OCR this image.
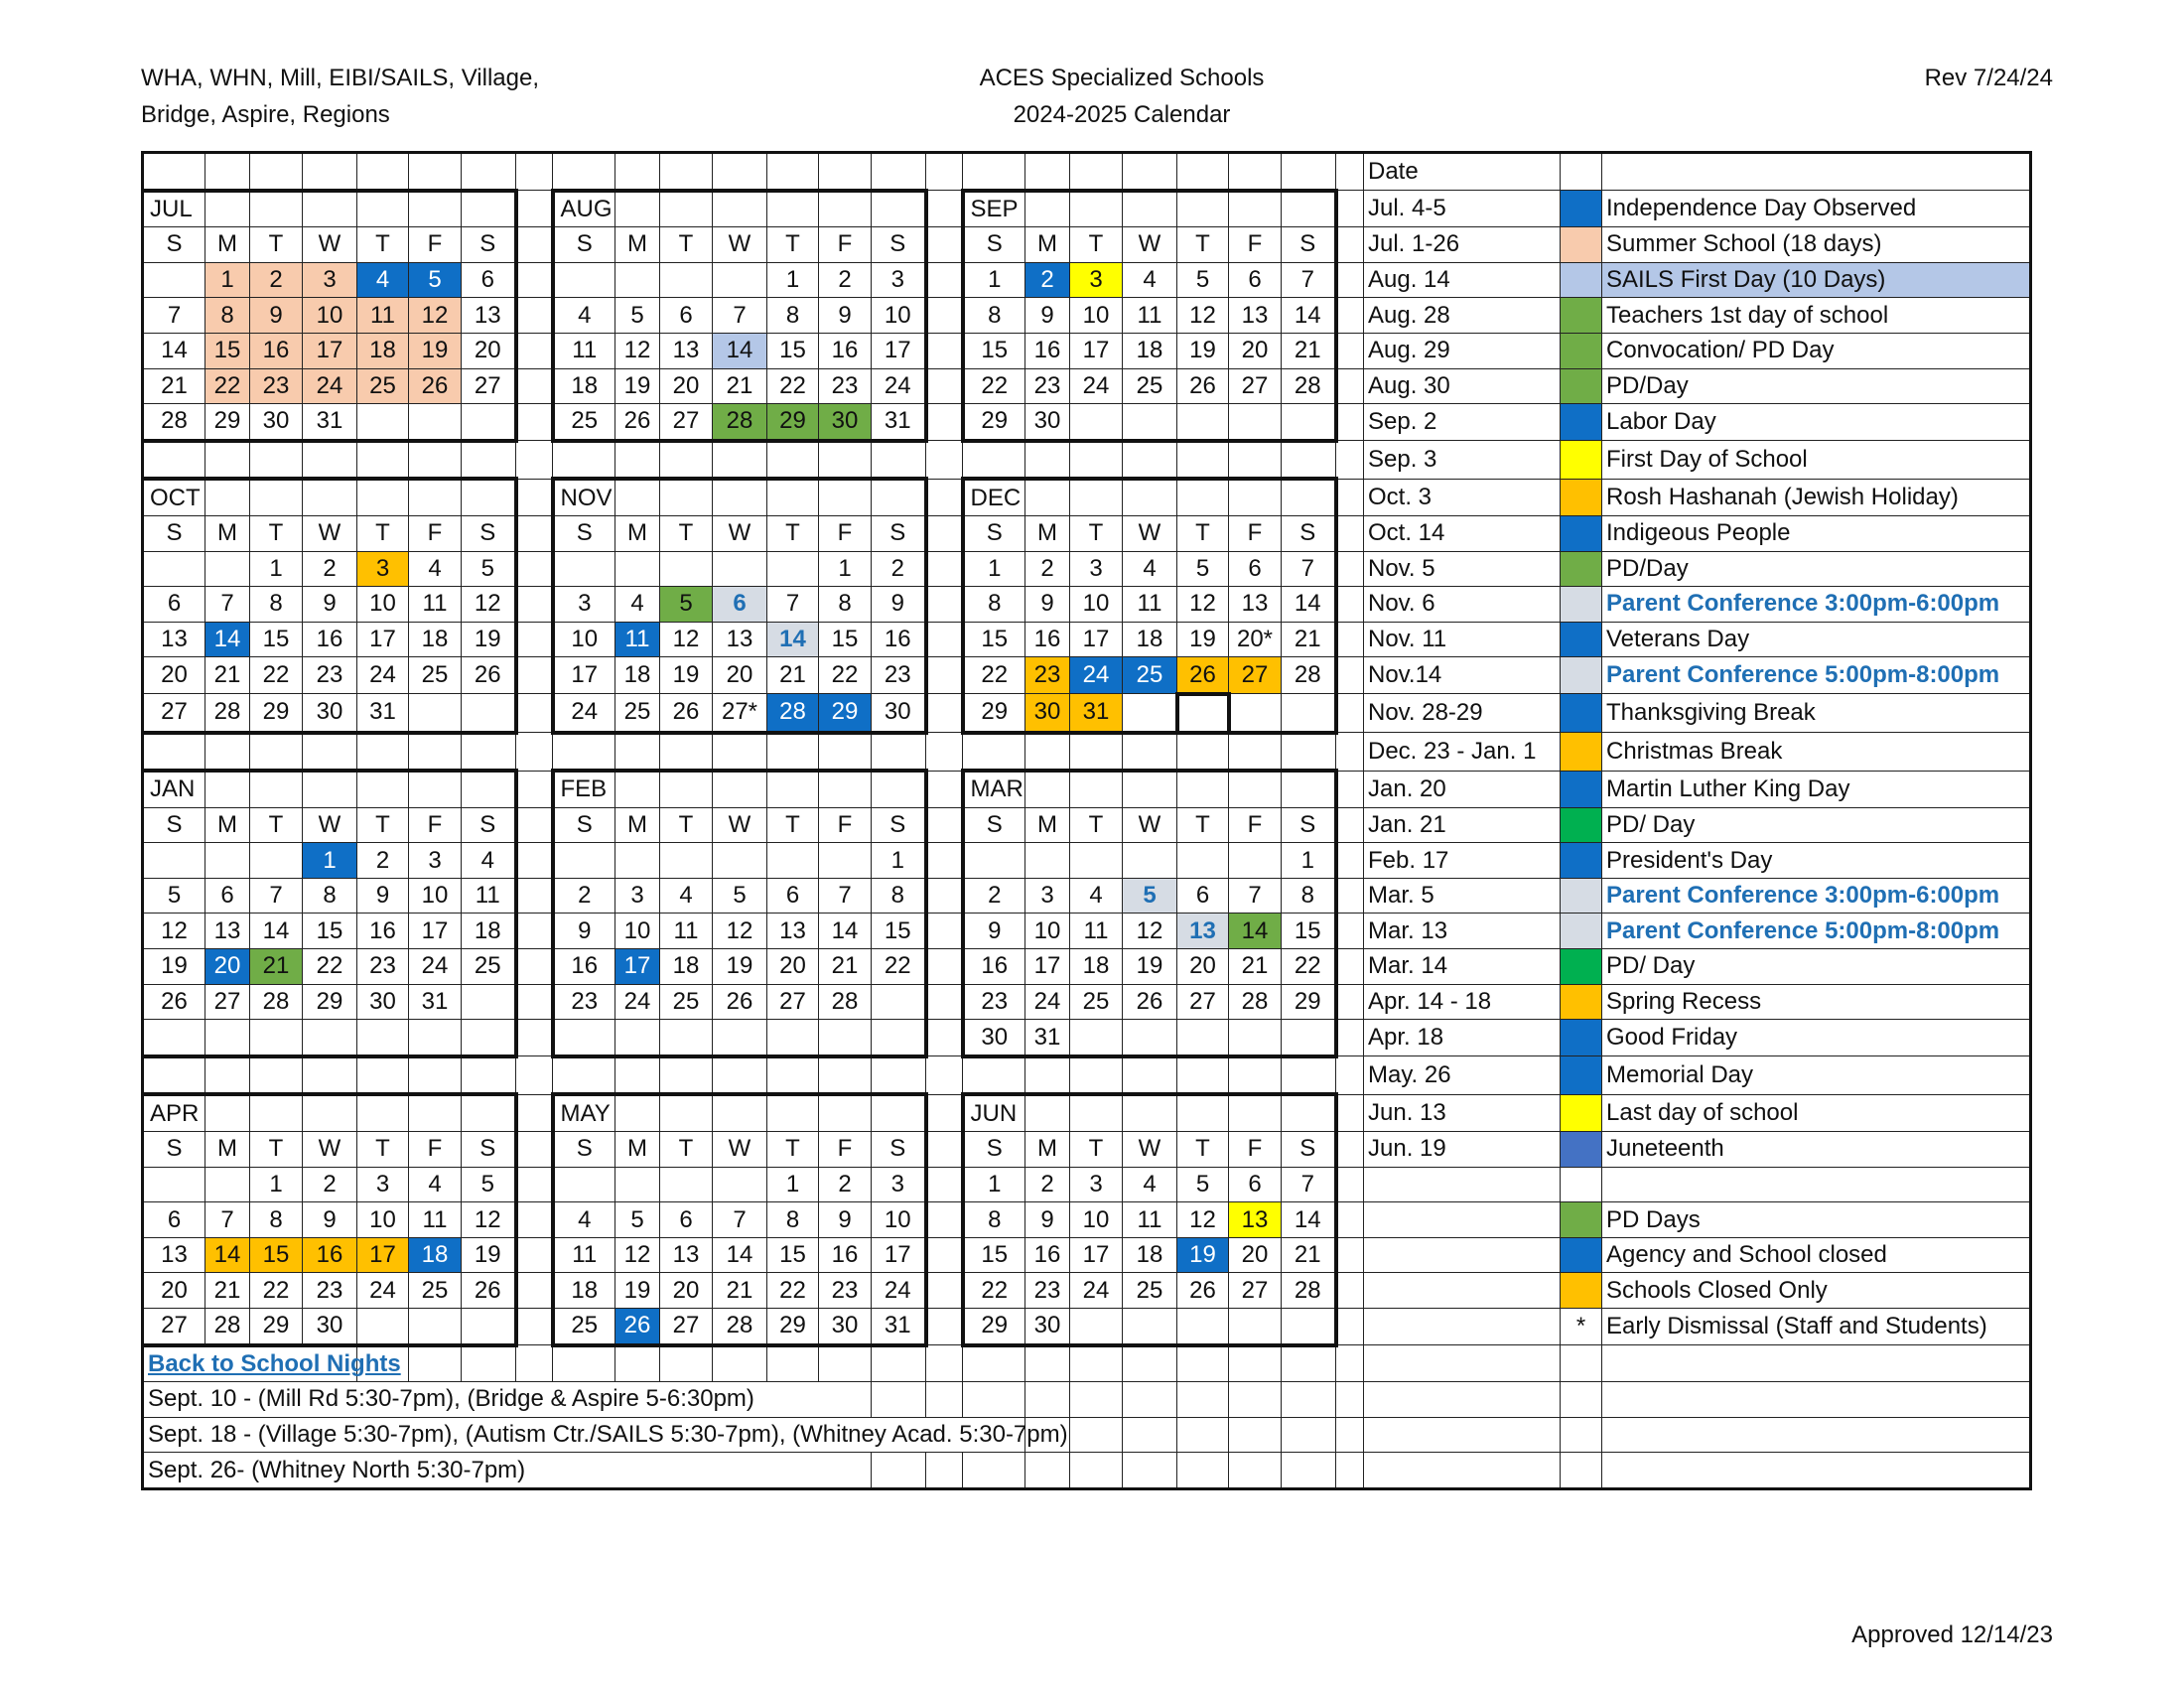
WHA, WHN, Mill, EIBI/SAILS, Village,
Bridge, Aspire, Regions
ACES Specialized Schools
2024-2025 Calendar
Rev 7/24/24
Approved 12/14/23
																								Date		
JUL								AUG								SEP								Jul. 4-5		Independence Day Observed
S	M	T	W	T	F	S		S	M	T	W	T	F	S		S	M	T	W	T	F	S		Jul. 1-26		Summer School (18 days)
	1	2	3	4	5	6						1	2	3		1	2	3	4	5	6	7		Aug. 14		SAILS First Day (10 Days)
7	8	9	10	11	12	13		4	5	6	7	8	9	10		8	9	10	11	12	13	14		Aug. 28		Teachers 1st day of school
14	15	16	17	18	19	20		11	12	13	14	15	16	17		15	16	17	18	19	20	21		Aug. 29		Convocation/ PD Day
21	22	23	24	25	26	27		18	19	20	21	22	23	24		22	23	24	25	26	27	28		Aug. 30		PD/Day
28	29	30	31					25	26	27	28	29	30	31		29	30							Sep. 2		Labor Day
																								Sep. 3		First Day of School
OCT								NOV								DEC								Oct. 3		Rosh Hashanah (Jewish Holiday)
S	M	T	W	T	F	S		S	M	T	W	T	F	S		S	M	T	W	T	F	S		Oct. 14		Indigeous People
		1	2	3	4	5							1	2		1	2	3	4	5	6	7		Nov. 5		PD/Day
6	7	8	9	10	11	12		3	4	5	6	7	8	9		8	9	10	11	12	13	14		Nov. 6		Parent Conference 3:00pm-6:00pm
13	14	15	16	17	18	19		10	11	12	13	14	15	16		15	16	17	18	19	20*	21		Nov. 11		Veterans Day
20	21	22	23	24	25	26		17	18	19	20	21	22	23		22	23	24	25	26	27	28		Nov.14		Parent Conference 5:00pm-8:00pm
27	28	29	30	31				24	25	26	27*	28	29	30		29	30	31						Nov. 28-29		Thanksgiving Break
																								Dec. 23 - Jan. 1		Christmas Break
JAN								FEB								MAR								Jan. 20		Martin Luther King Day
S	M	T	W	T	F	S		S	M	T	W	T	F	S		S	M	T	W	T	F	S		Jan. 21		PD/ Day
			1	2	3	4								1								1		Feb. 17		President's Day
5	6	7	8	9	10	11		2	3	4	5	6	7	8		2	3	4	5	6	7	8		Mar. 5		Parent Conference 3:00pm-6:00pm
12	13	14	15	16	17	18		9	10	11	12	13	14	15		9	10	11	12	13	14	15		Mar. 13		Parent Conference 5:00pm-8:00pm
19	20	21	22	23	24	25		16	17	18	19	20	21	22		16	17	18	19	20	21	22		Mar. 14		PD/ Day
26	27	28	29	30	31			23	24	25	26	27	28			23	24	25	26	27	28	29		Apr. 14 - 18		Spring Recess
																30	31							Apr. 18		Good Friday
																								May. 26		Memorial Day
APR								MAY								JUN								Jun. 13		Last day of school
S	M	T	W	T	F	S		S	M	T	W	T	F	S		S	M	T	W	T	F	S		Jun. 19		Juneteenth
		1	2	3	4	5						1	2	3		1	2	3	4	5	6	7				
6	7	8	9	10	11	12		4	5	6	7	8	9	10		8	9	10	11	12	13	14				PD Days
13	14	15	16	17	18	19		11	12	13	14	15	16	17		15	16	17	18	19	20	21				Agency and School closed
20	21	22	23	24	25	26		18	19	20	21	22	23	24		22	23	24	25	26	27	28				Schools Closed Only
27	28	29	30					25	26	27	28	29	30	31		29	30								*	Early Dismissal (Staff and Students)
Back to School Nights																										
Sept. 10 - (Mill Rd 5:30-7pm), (Bridge & Aspire 5-6:30pm)																										
Sept. 18 - (Village 5:30-7pm), (Autism Ctr./SAILS 5:30-7pm), (Whitney Acad. 5:30-7pm)																										
Sept. 26- (Whitney North 5:30-7pm)																										
